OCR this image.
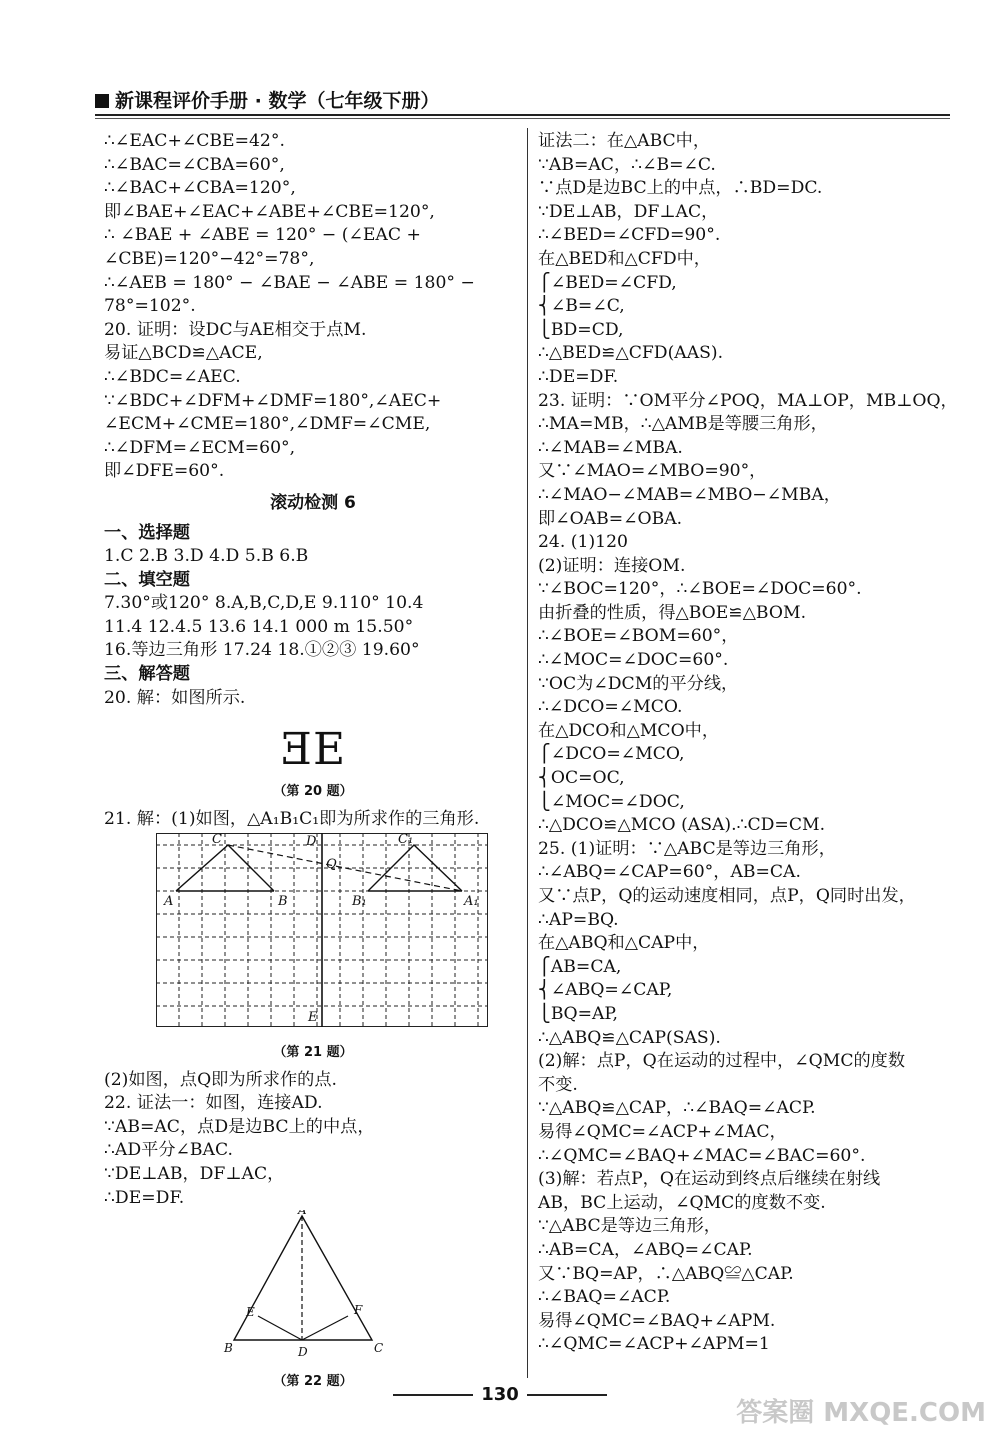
新课程评价手册 · 数学（七年级下册）
∴∠EAC+∠CBE=42°.
∴∠BAC=∠CBA=60°,
∴∠BAC+∠CBA=120°,
即∠BAE+∠EAC+∠ABE+∠CBE=120°,
∴ ∠BAE + ∠ABE = 120° − (∠EAC +
∠CBE)=120°−42°=78°,
∴∠AEB = 180° − ∠BAE − ∠ABE = 180° −
78°=102°.
20. 证明：设DC与AE相交于点M.
易证△BCD≌△ACE,
∴∠BDC=∠AEC.
∵∠BDC+∠DFM+∠DMF=180°,∠AEC+
∠ECM+∠CME=180°,∠DMF=∠CME,
∴∠DFM=∠ECM=60°,
即∠DFE=60°.
滚动检测 6
一、选择题
1.C 2.B 3.D 4.D 5.B 6.B
二、填空题
7.30°或120° 8.A,B,C,D,E 9.110° 10.4
11.4 12.4.5 13.6 14.1 000 m 15.50°
16.等边三角形 17.24 18.①②③ 19.60°
三、解答题
20. 解：如图所示.
ƎE
（第 20 题）
21. 解：(1)如图，△A₁B₁C₁即为所求作的三角形.
C	D
Q
C₁
A	B	B₁	A₁
E
（第 21 题）
(2)如图，点Q即为所求作的点.
22. 证法一：如图，连接AD.
∵AB=AC，点D是边BC上的中点，
∴AD平分∠BAC.
∵DE⊥AB，DF⊥AC，
∴DE=DF.
A
B	C
D
E	F
（第 22 题）
证法二：在△ABC中，
∵AB=AC，∴∠B=∠C.
∵点D是边BC上的中点，∴BD=DC.
∵DE⊥AB，DF⊥AC，
∴∠BED=∠CFD=90°.
在△BED和△CFD中，
⎧∠BED=∠CFD,
⎨∠B=∠C,
⎩BD=CD,
∴△BED≌△CFD(AAS).
∴DE=DF.
23. 证明：∵OM平分∠POQ，MA⊥OP，MB⊥OQ，
∴MA=MB，∴△AMB是等腰三角形，
∴∠MAB=∠MBA.
又∵∠MAO=∠MBO=90°，
∴∠MAO−∠MAB=∠MBO−∠MBA，
即∠OAB=∠OBA.
24. (1)120
(2)证明：连接OM.
∵∠BOC=120°，∴∠BOE=∠DOC=60°.
由折叠的性质，得△BOE≌△BOM.
∴∠BOE=∠BOM=60°，
∴∠MOC=∠DOC=60°.
∵OC为∠DCM的平分线，
∴∠DCO=∠MCO.
在△DCO和△MCO中，
⎧∠DCO=∠MCO,
⎨OC=OC,
⎩∠MOC=∠DOC,
∴△DCO≌△MCO (ASA).∴CD=CM.
25. (1)证明：∵△ABC是等边三角形，
∴∠ABQ=∠CAP=60°，AB=CA.
又∵点P，Q的运动速度相同，点P，Q同时出发，
∴AP=BQ.
在△ABQ和△CAP中，
⎧AB=CA,
⎨∠ABQ=∠CAP,
⎩BQ=AP,
∴△ABQ≌△CAP(SAS).
(2)解：点P，Q在运动的过程中，∠QMC的度数
不变.
∵△ABQ≌△CAP，∴∠BAQ=∠ACP.
易得∠QMC=∠ACP+∠MAC，
∴∠QMC=∠BAQ+∠MAC=∠BAC=60°.
(3)解：若点P，Q在运动到终点后继续在射线
AB，BC上运动，∠QMC的度数不变.
∵△ABC是等边三角形，
∴AB=CA，∠ABQ=∠CAP.
又∵BQ=AP，∴△ABQ≌△CAP.
∴∠BAQ=∠ACP.
易得∠QMC=∠BAQ+∠APM.
∴∠QMC=∠ACP+∠APM=1
130
答案圈 MXQE.COM
